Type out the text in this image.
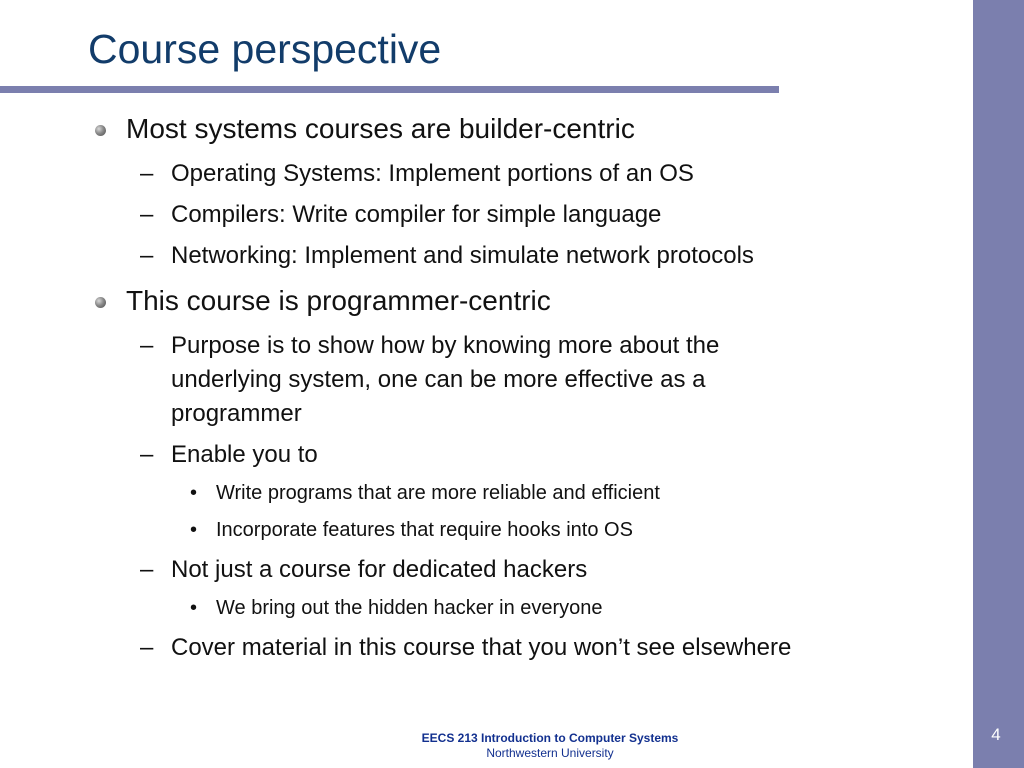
4
Course perspective
Most systems courses are builder-centric
– Operating Systems: Implement portions of an OS
– Compilers: Write compiler for simple language
– Networking: Implement and simulate network protocols
This course is programmer-centric
– Purpose is to show how by knowing more about the
underlying system, one can be more effective as a
programmer
– Enable you to
• Write programs that are more reliable and efficient
• Incorporate features that require hooks into OS
– Not just a course for dedicated hackers
• We bring out the hidden hacker in everyone
– Cover material in this course that you won’t see elsewhere
EECS 213 Introduction to Computer Systems
Northwestern University
